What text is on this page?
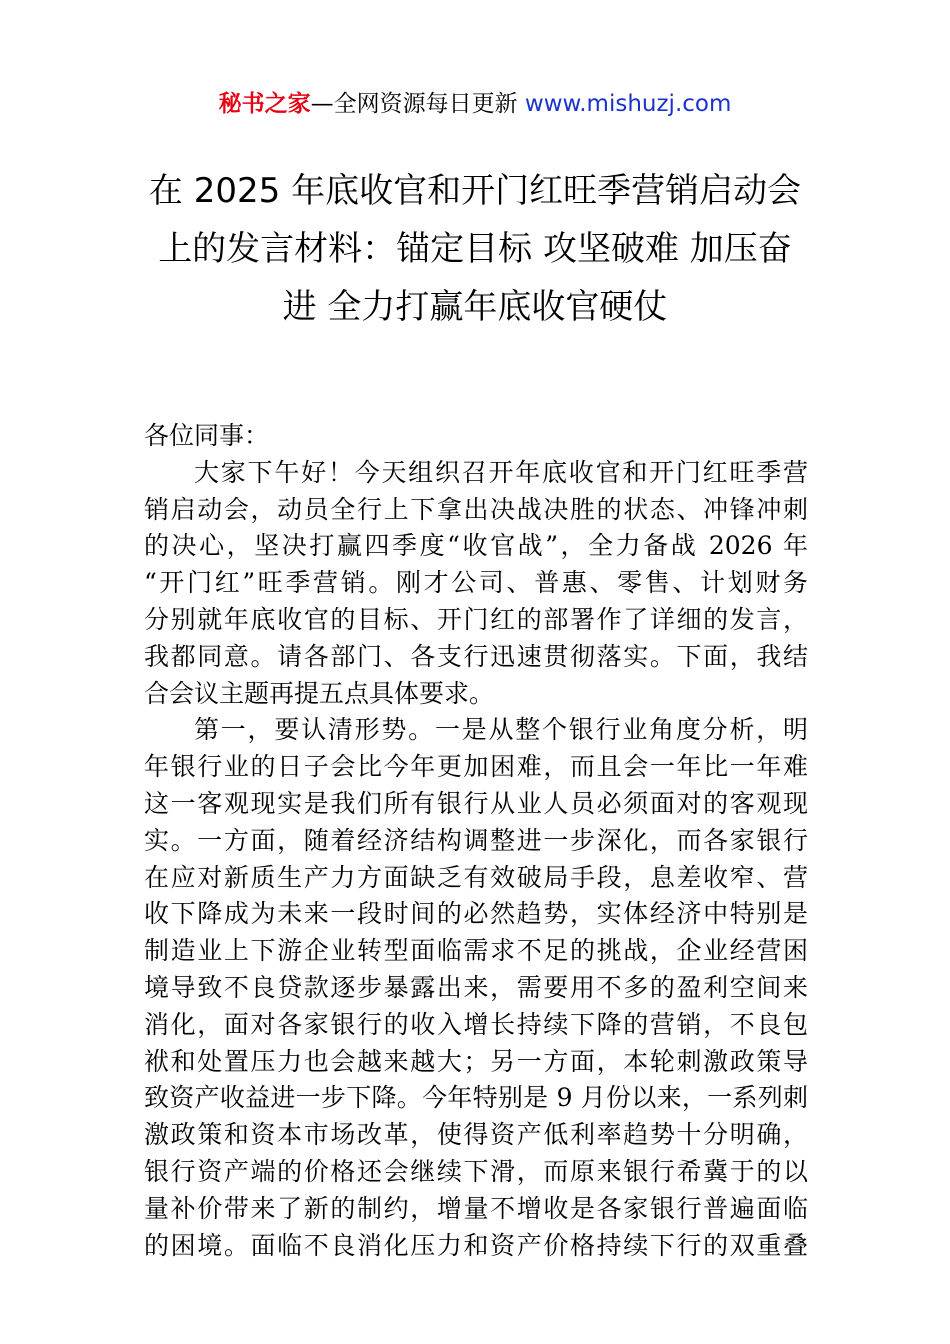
秘书之家—全网资源每日更新 www.mishuzj.com
在 2025 年底收官和开门红旺季营销启动会
上的发言材料：锚定目标 攻坚破难 加压奋
进 全力打赢年底收官硬仗
各位同事：
大家下午好！今天组织召开年底收官和开门红旺季营
销启动会，动员全行上下拿出决战决胜的状态、冲锋冲刺
的决心，坚决打赢四季度“收官战”，全力备战 2026 年
“开门红”旺季营销。刚才公司、普惠、零售、计划财务
分别就年底收官的目标、开门红的部署作了详细的发言，
我都同意。请各部门、各支行迅速贯彻落实。下面，我结
合会议主题再提五点具体要求。
第一，要认清形势。一是从整个银行业角度分析，明
年银行业的日子会比今年更加困难，而且会一年比一年难
这一客观现实是我们所有银行从业人员必须面对的客观现
实。一方面，随着经济结构调整进一步深化，而各家银行
在应对新质生产力方面缺乏有效破局手段，息差收窄、营
收下降成为未来一段时间的必然趋势，实体经济中特别是
制造业上下游企业转型面临需求不足的挑战，企业经营困
境导致不良贷款逐步暴露出来，需要用不多的盈利空间来
消化，面对各家银行的收入增长持续下降的营销，不良包
袱和处置压力也会越来越大；另一方面，本轮刺激政策导
致资产收益进一步下降。今年特别是 9 月份以来，一系列刺
激政策和资本市场改革，使得资产低利率趋势十分明确，
银行资产端的价格还会继续下滑，而原来银行希冀于的以
量补价带来了新的制约，增量不增收是各家银行普遍面临
的困境。面临不良消化压力和资产价格持续下行的双重叠
